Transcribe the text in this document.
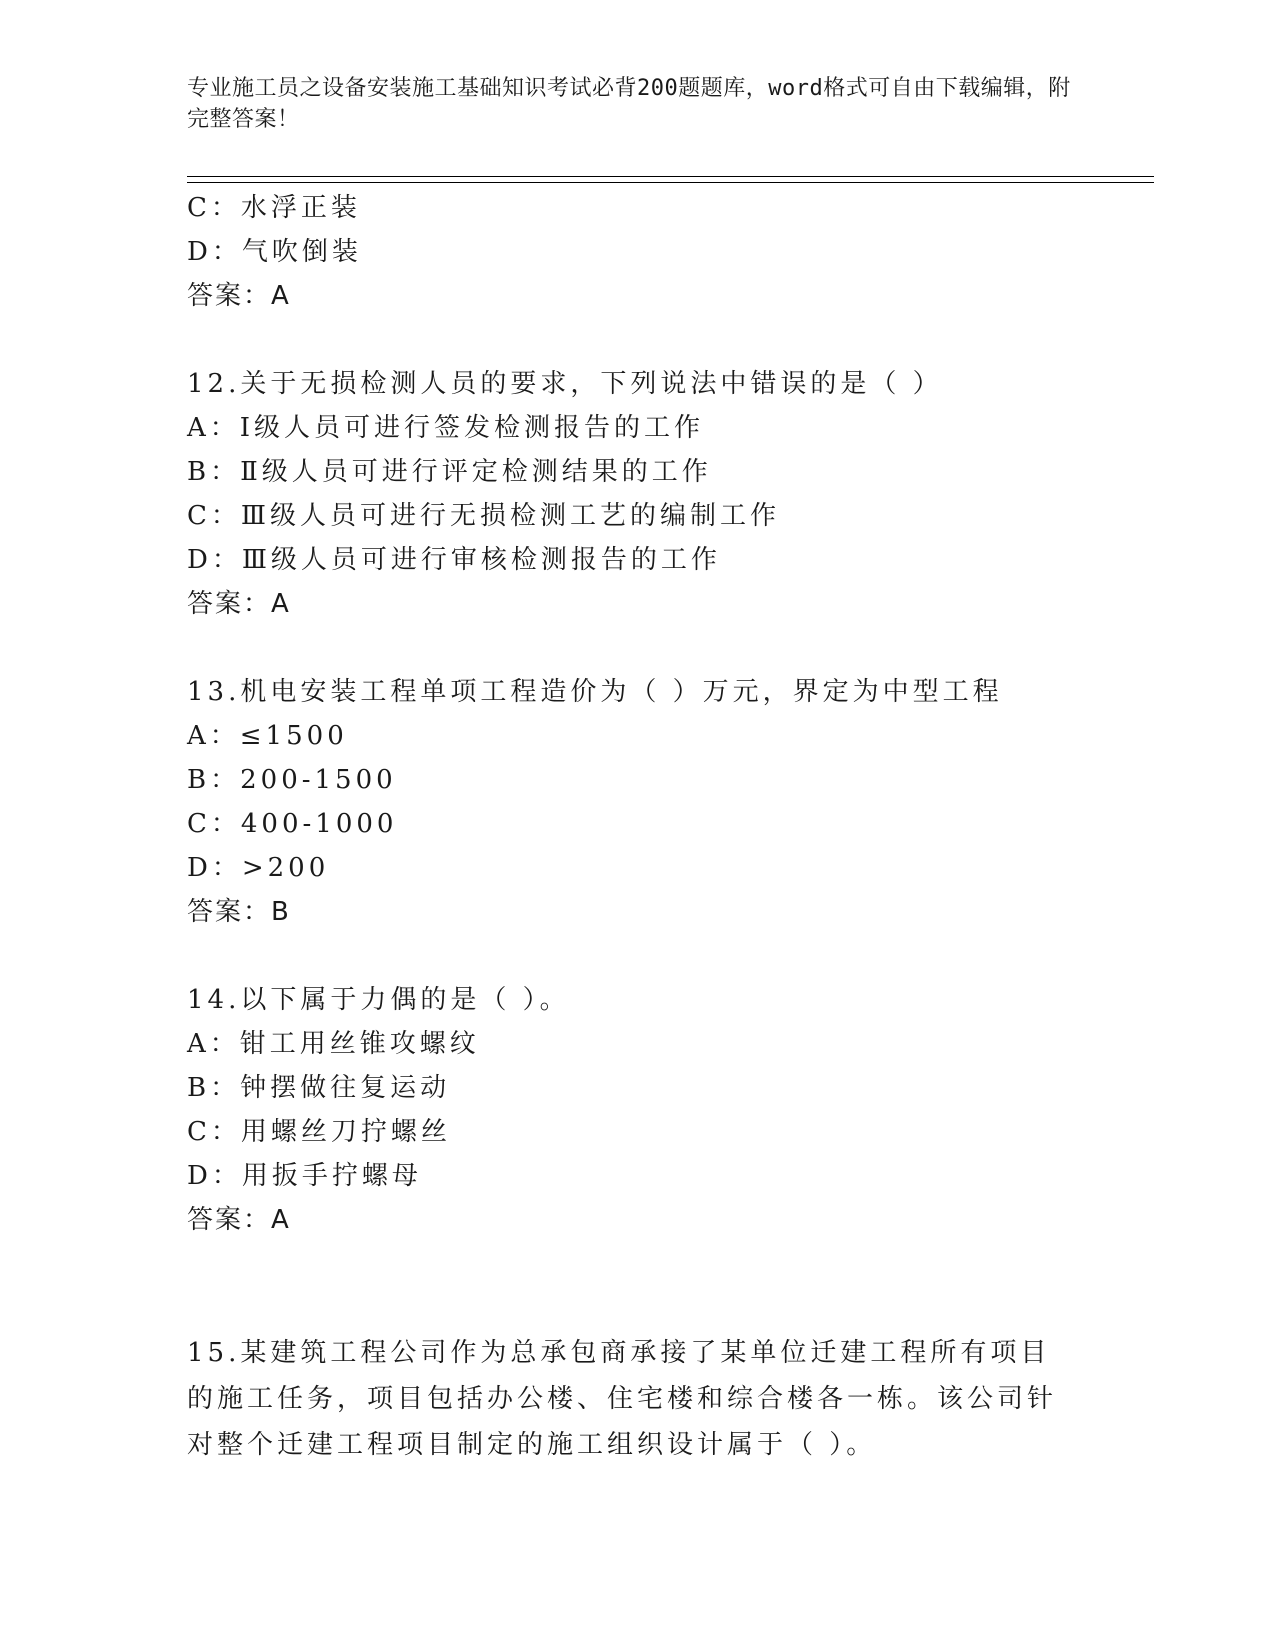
专业施工员之设备安装施工基础知识考试必背200题题库，word格式可自由下载编辑，附完整答案！
C：水浮正装
D：气吹倒装
答案：A
12.关于无损检测人员的要求，下列说法中错误的是（ ）
A：Ⅰ级人员可进行签发检测报告的工作
B：Ⅱ级人员可进行评定检测结果的工作
C：Ⅲ级人员可进行无损检测工艺的编制工作
D：Ⅲ级人员可进行审核检测报告的工作
答案：A
13.机电安装工程单项工程造价为（ ）万元，界定为中型工程
A：≤1500
B：200-1500
C：400-1000
D：>200
答案：B
14.以下属于力偶的是（ ）。
A：钳工用丝锥攻螺纹
B：钟摆做往复运动
C：用螺丝刀拧螺丝
D：用扳手拧螺母
答案：A
15.某建筑工程公司作为总承包商承接了某单位迁建工程所有项目的施工任务，项目包括办公楼、住宅楼和综合楼各一栋。该公司针对整个迁建工程项目制定的施工组织设计属于（ ）。
